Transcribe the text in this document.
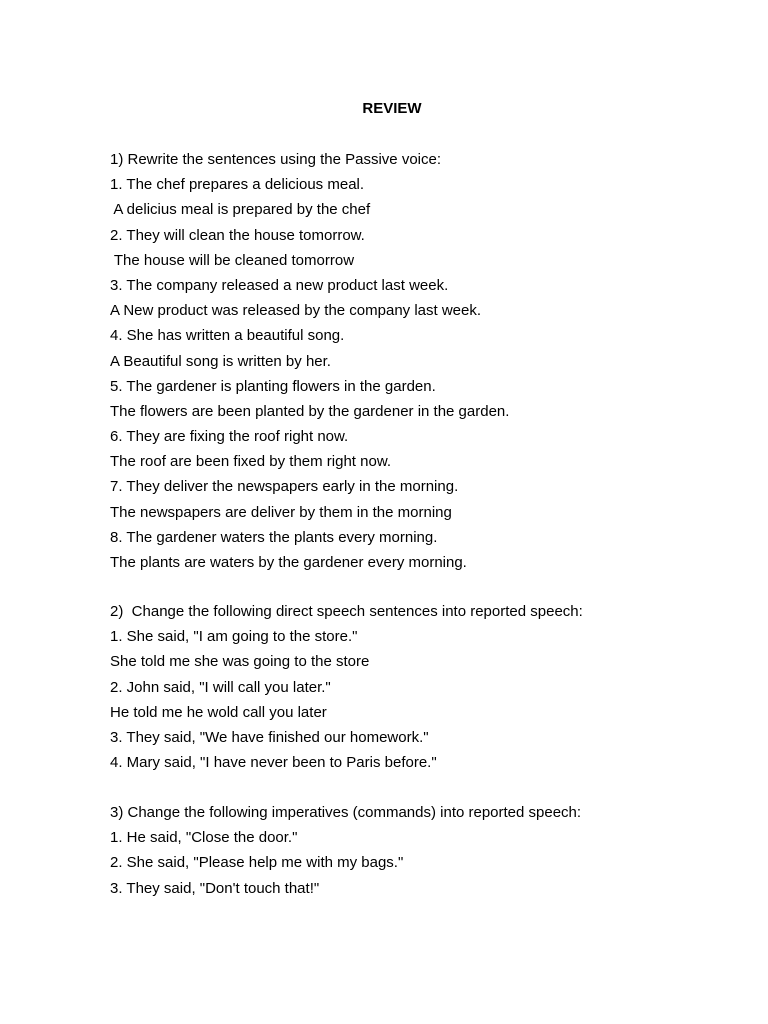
REVIEW
1) Rewrite the sentences using the Passive voice:
1. The chef prepares a delicious meal.
A delicius meal is prepared by the chef
2. They will clean the house tomorrow.
The house will be cleaned tomorrow
3. The company released a new product last week.
A New product was released by the company last week.
4. She has written a beautiful song.
A Beautiful song is written by her.
5. The gardener is planting flowers in the garden.
The flowers are been planted by the gardener in the garden.
6. They are fixing the roof right now.
The roof are been fixed by them right now.
7. They deliver the newspapers early in the morning.
The newspapers are deliver by them in the morning
8. The gardener waters the plants every morning.
The plants are waters by the gardener every morning.
2)  Change the following direct speech sentences into reported speech:
1. She said, "I am going to the store."
She told me she was going to the store
2. John said, "I will call you later."
He told me he wold call you later
3. They said, "We have finished our homework."
4. Mary said, "I have never been to Paris before."
3) Change the following imperatives (commands) into reported speech:
1. He said, "Close the door."
2. She said, "Please help me with my bags."
3. They said, "Don't touch that!"
